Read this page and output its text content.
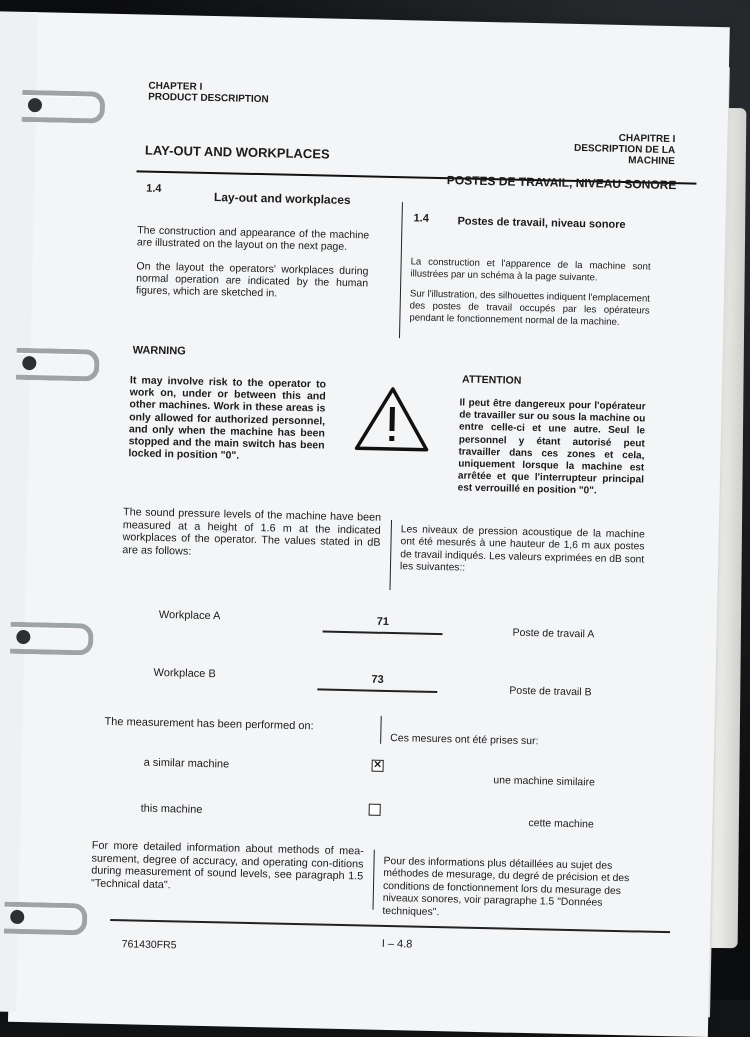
CHAPTER I
PRODUCT DESCRIPTION
CHAPITRE I
DESCRIPTION DE LA
MACHINE
LAY-OUT AND WORKPLACES
POSTES DE TRAVAIL, NIVEAU SONORE
1.4
Lay-out and workplaces
1.4	Postes de travail, niveau sonore
The construction and appearance of the machine are illustrated on the layout on the next page.
On the layout the operators' workplaces during normal operation are indicated by the human figures, which are sketched in.
La construction et l'apparence de la machine sont illustrées par un schéma à la page suivante.
Sur l'illustration, des silhouettes indiquent l'emplacement des postes de travail occupés par les opérateurs pendant le fonctionnement normal de la machine.
WARNING
It may involve risk to the operator to work on, under or between this and other machines. Work in these areas is only allowed for authorized personnel, and only when the machine has been stopped and the main switch has been locked in position "0".
ATTENTION
Il peut être dangereux pour l'opérateur de travailler sur ou sous la machine ou entre celle-ci et une autre. Seul le personnel y étant autorisé peut travailler dans ces zones et cela, uniquement lorsque la machine est arrêtée et que l'interrupteur principal est verrouillé en position "0".
The sound pressure levels of the machine have been measured at a height of 1.6 m at the indicated workplaces of the operator. The values stated in dB are as follows:
Les niveaux de pression acoustique de la machine ont été mesurés à une hauteur de 1,6 m aux postes de travail indiqués. Les valeurs exprimées en dB sont les suivantes::
Workplace A	71
Poste de travail A
Workplace B	73
Poste de travail B
The measurement has been performed on:
Ces mesures ont été prises sur:
a similar machine	✕
une machine similaire
this machine
cette machine
For more detailed information about methods of mea-surement, degree of accuracy, and operating con-ditions during measurement of sound levels, see paragraph 1.5 "Technical data".
Pour des informations plus détaillées au sujet des méthodes de mesurage, du degré de précision et des conditions de fonctionnement lors du mesurage des niveaux sonores, voir paragraphe 1.5 "Données techniques".
761430FR5	I – 4.8
